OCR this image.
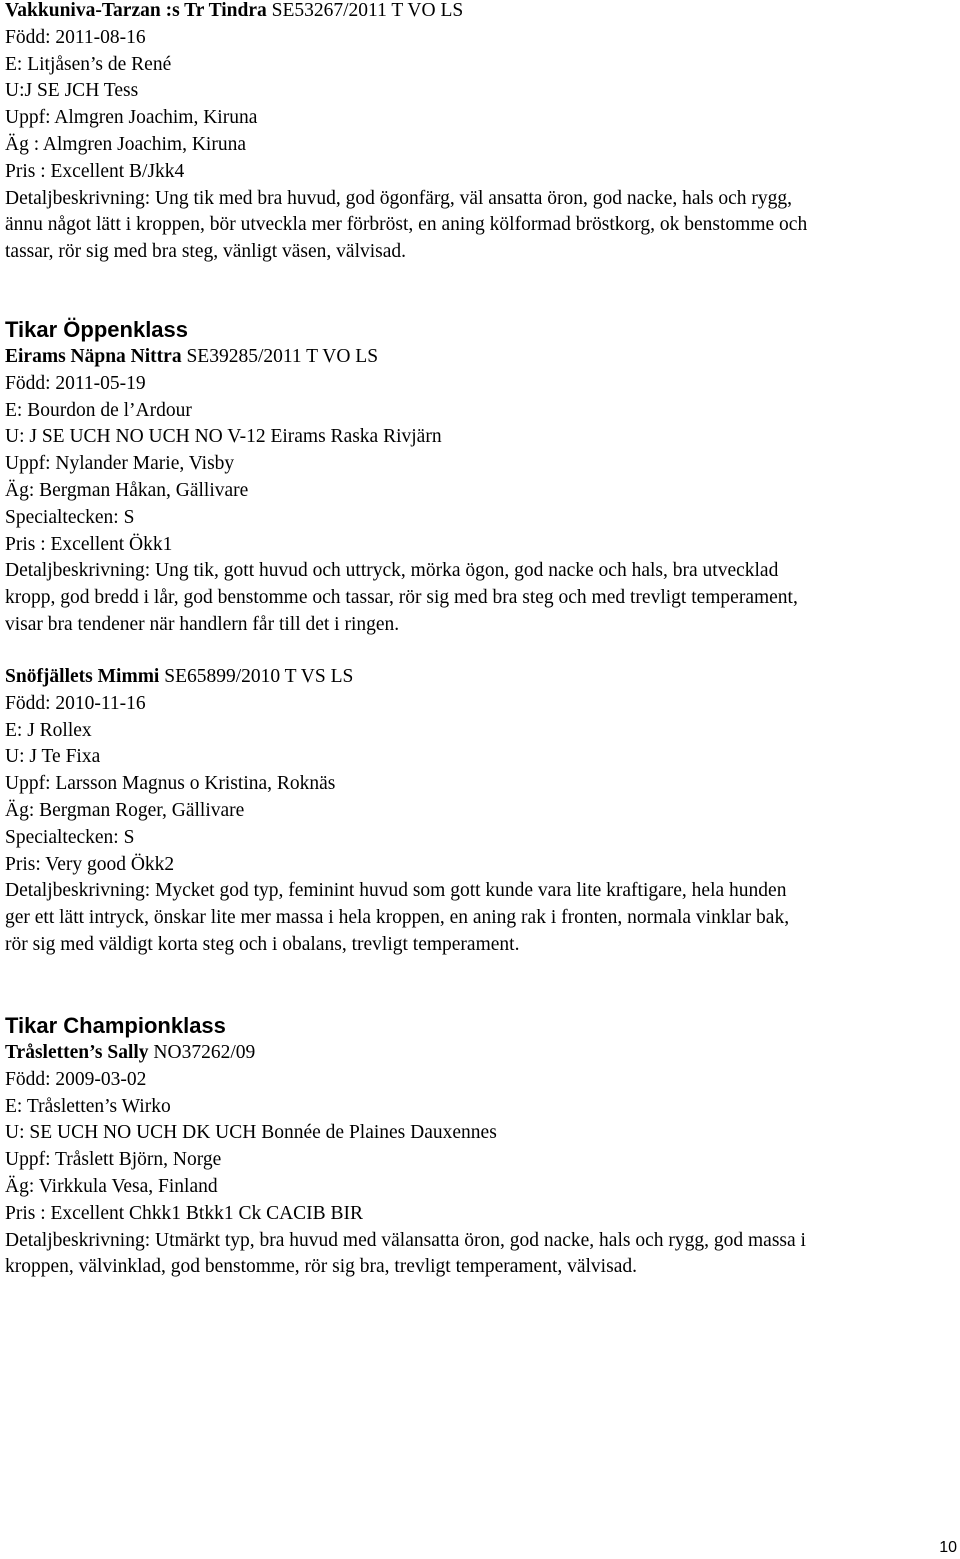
Vakkuniva-Tarzan :s Tr Tindra SE53267/2011 T VO LS
Född: 2011-08-16
E: Litjåsen’s de René
U:J SE JCH Tess
Uppf: Almgren Joachim, Kiruna
Äg : Almgren Joachim, Kiruna
Pris : Excellent B/Jkk4
Detaljbeskrivning: Ung tik med bra huvud, god ögonfärg, väl ansatta öron, god nacke, hals och rygg,
ännu något lätt i kroppen, bör utveckla mer förbröst, en aning kölformad bröstkorg, ok benstomme och
tassar, rör sig med bra steg, vänligt väsen, välvisad.
Tikar Öppenklass
Eirams Näpna Nittra SE39285/2011 T VO LS
Född: 2011-05-19
E: Bourdon de l’Ardour
U: J SE UCH NO UCH NO V-12 Eirams Raska Rivjärn
Uppf: Nylander Marie, Visby
Äg: Bergman Håkan, Gällivare
Specialtecken: S
Pris : Excellent Ökk1
Detaljbeskrivning: Ung tik, gott huvud och uttryck, mörka ögon, god nacke och hals, bra utvecklad
kropp, god bredd i lår, god benstomme och tassar, rör sig med bra steg och med trevligt temperament,
visar bra tendener när handlern får till det i ringen.
Snöfjällets Mimmi SE65899/2010 T VS LS
Född: 2010-11-16
E: J Rollex
U: J Te Fixa
Uppf: Larsson Magnus o Kristina, Roknäs
Äg: Bergman Roger, Gällivare
Specialtecken: S
Pris: Very good Ökk2
Detaljbeskrivning: Mycket god typ, feminint huvud som gott kunde vara lite kraftigare, hela hunden
ger ett lätt intryck, önskar lite mer massa i hela kroppen, en aning rak i fronten, normala vinklar bak,
rör sig med väldigt korta steg och i obalans, trevligt temperament.
Tikar Championklass
Tråsletten’s Sally NO37262/09
Född: 2009-03-02
E: Tråsletten’s Wirko
U: SE UCH NO UCH DK UCH Bonnée de Plaines Dauxennes
Uppf: Tråslett Björn, Norge
Äg: Virkkula Vesa, Finland
Pris : Excellent Chkk1 Btkk1 Ck CACIB BIR
Detaljbeskrivning: Utmärkt typ, bra huvud med välansatta öron, god nacke, hals och rygg, god massa i
kroppen, välvinklad, god benstomme, rör sig bra, trevligt temperament, välvisad.
10
